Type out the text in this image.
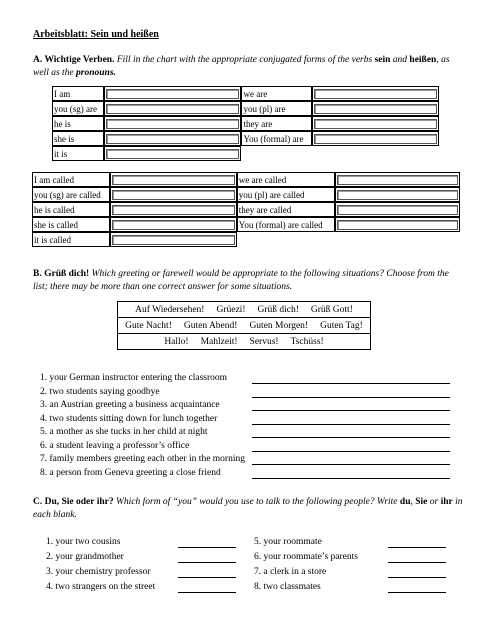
Arbeitsblatt: Sein und heißen
A. Wichtige Verben. Fill in the chart with the appropriate conjugated forms of the verbs sein and heißen, as well as the pronouns.
I am		we are	

you (sg) are		you (pl) are	

he is		they are	

she is		You (formal) are	

it is	

I am called		we are called	

you (sg) are called		you (pl) are called	

he is called		they are called	

she is called		You (formal) are called	

it is called	

B. Grüß dich! Which greeting or farewell would be appropriate to the following situations? Choose from the list; there may be more than one correct answer for some situations.
Auf Wiedersehen! Grüezi! Grüß dich! Grüß Gott!
Gute Nacht! Guten Abend! Guten Morgen! Guten Tag!
Hallo! Mahlzeit! Servus! Tschüss!
1. your German instructor entering the classroom
2. two students saying goodbye
3. an Austrian greeting a business acquaintance
4. two students sitting down for lunch together
5. a mother as she tucks in her child at night
6. a student leaving a professor’s office
7. family members greeting each other in the morning
8. a person from Geneva greeting a close friend
C. Du, Sie oder ihr? Which form of “you” would you use to talk to the following people? Write du, Sie or ihr in each blank.
1. your two cousins	5. your roommate
2. your grandmother	6. your roommate’s parents
3. your chemistry professor	7. a clerk in a store
4. two strangers on the street	8. two classmates
